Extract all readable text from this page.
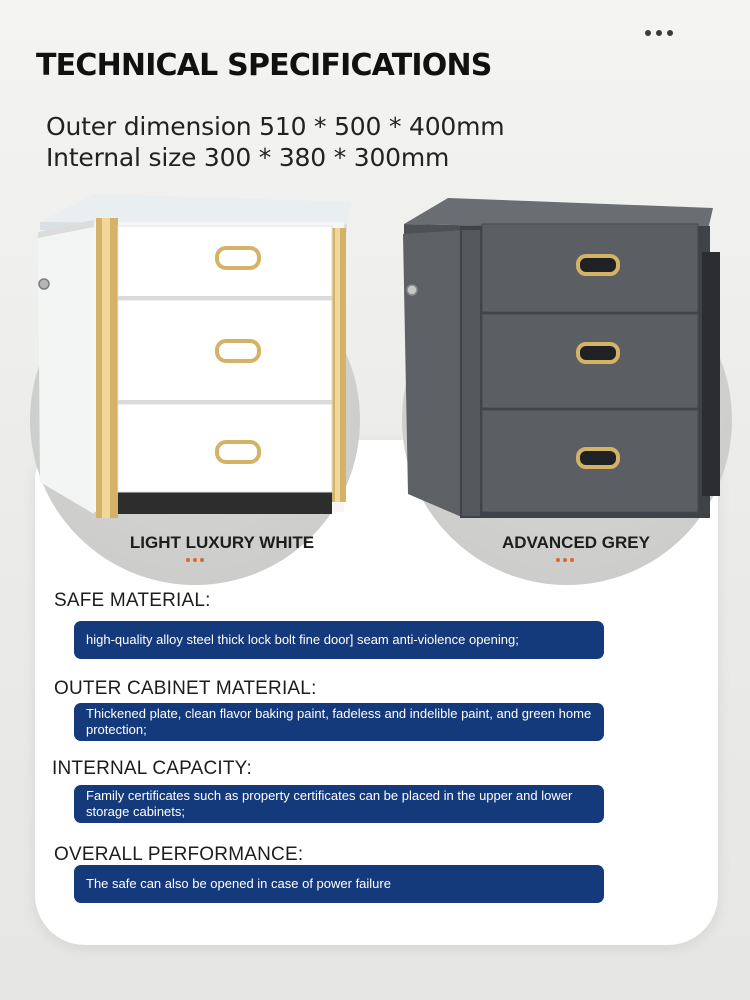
TECHNICAL SPECIFICATIONS
Outer dimension 510 * 500 * 400mm
Internal size 300 * 380 * 300mm
LIGHT LUXURY WHITE	ADVANCED GREY
SAFE MATERIAL:
high-quality alloy steel thick lock bolt fine door] seam anti-violence opening;
OUTER CABINET MATERIAL:
Thickened plate, clean flavor baking paint, fadeless and indelible paint, and green home protection;
INTERNAL CAPACITY:
Family certificates such as property certificates can be placed in the upper and lower storage cabinets;
OVERALL PERFORMANCE:
The safe can also be opened in case of power failure
